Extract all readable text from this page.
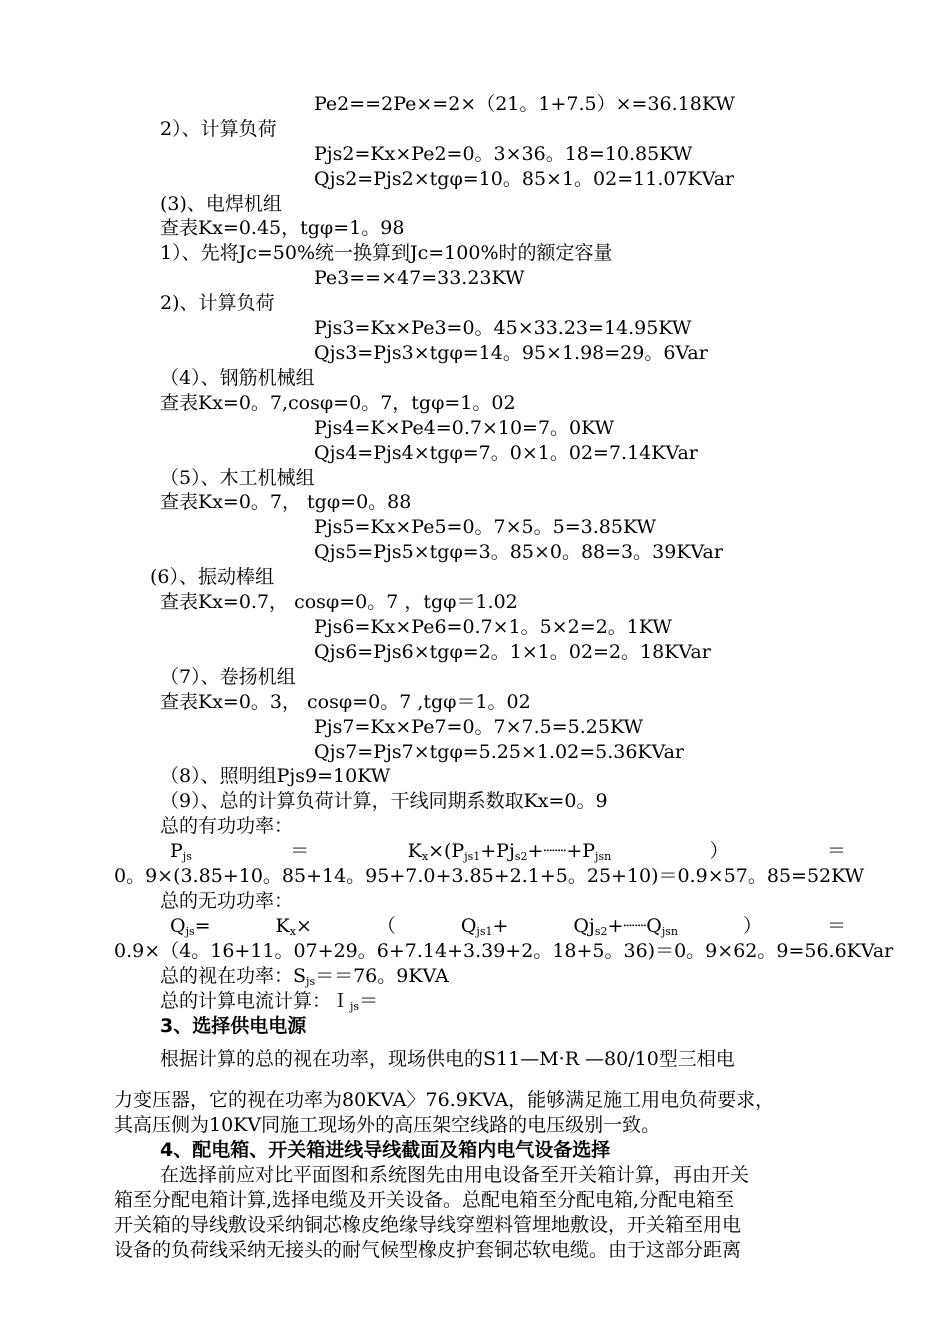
Pe2==2Pe×=2×（21。1+7.5）×=36.18KW
2）、计算负荷
Pjs2=Kx×Pe2=0。3×36。18=10.85KW
Qjs2=Pjs2×tgφ=10。85×1。02=11.07KVar
(3)、电焊机组
查表Kx=0.45，tgφ=1。98
1）、先将Jc=50%统一换算到Jc=100%时的额定容量
Pe3==×47=33.23KW
2)、计算负荷
Pjs3=Kx×Pe3=0。45×33.23=14.95KW
Qjs3=Pjs3×tgφ=14。95×1.98=29。6Var
（4）、钢筋机械组
查表Kx=0。7,cosφ=0。7，tgφ=1。02
Pjs4=K×Pe4=0.7×10=7。0KW
Qjs4=Pjs4×tgφ=7。0×1。02=7.14KVar
（5）、木工机械组
查表Kx=0。7， tgφ=0。88
Pjs5=Kx×Pe5=0。7×5。5=3.85KW
Qjs5=Pjs5×tgφ=3。85×0。88=3。39KVar
(6）、振动棒组
查表Kx=0.7， cosφ=0。7 ，tgφ＝1.02
Pjs6=Kx×Pe6=0.7×1。5×2=2。1KW
Qjs6=Pjs6×tgφ=2。1×1。02=2。18KVar
（7）、卷扬机组
查表Kx=0。3， cosφ=0。7 ,tgφ＝1。02
Pjs7=Kx×Pe7=0。7×7.5=5.25KW
Qjs7=Pjs7×tgφ=5.25×1.02=5.36KVar
（8）、照明组Pjs9=10KW
（9）、总的计算负荷计算，干线同期系数取Kx=0。9
总的有功功率：
$P_{js}$	＝	$K_x\times(P_{js1}+Pj_{s2}+┈┈+P_{jsn}$	）	＝
0。9×(3.85+10。85+14。95+7.0+3.85+2.1+5。25+10)＝0.9×57。85=52KW
总的无功功率：
$Q_{js}=$	$K_x\times$	（	$Q_{js1}+$	$Qj_{s2}+┈┈Q_{jsn}$	）	＝
0.9×（4。16+11。07+29。6+7.14+3.39+2。18+5。36)＝0。9×62。9=56.6KVar
总的视在功率：$S_{js}==76$。9KVA
总的计算电流计算：Ｉ$_{js}$＝
3、选择供电电源
根据计算的总的视在功率，现场供电的S11—M·R —80/10型三相电
力变压器，它的视在功率为80KVA〉76.9KVA，能够满足施工用电负荷要求，
其高压侧为10KV同施工现场外的高压架空线路的电压级别一致。
4、配电箱、开关箱进线导线截面及箱内电气设备选择
在选择前应对比平面图和系统图先由用电设备至开关箱计算，再由开关
箱至分配电箱计算,选择电缆及开关设备。总配电箱至分配电箱,分配电箱至
开关箱的导线敷设采纳铜芯橡皮绝缘导线穿塑料管埋地敷设，开关箱至用电
设备的负荷线采纳无接头的耐气候型橡皮护套铜芯软电缆。由于这部分距离
